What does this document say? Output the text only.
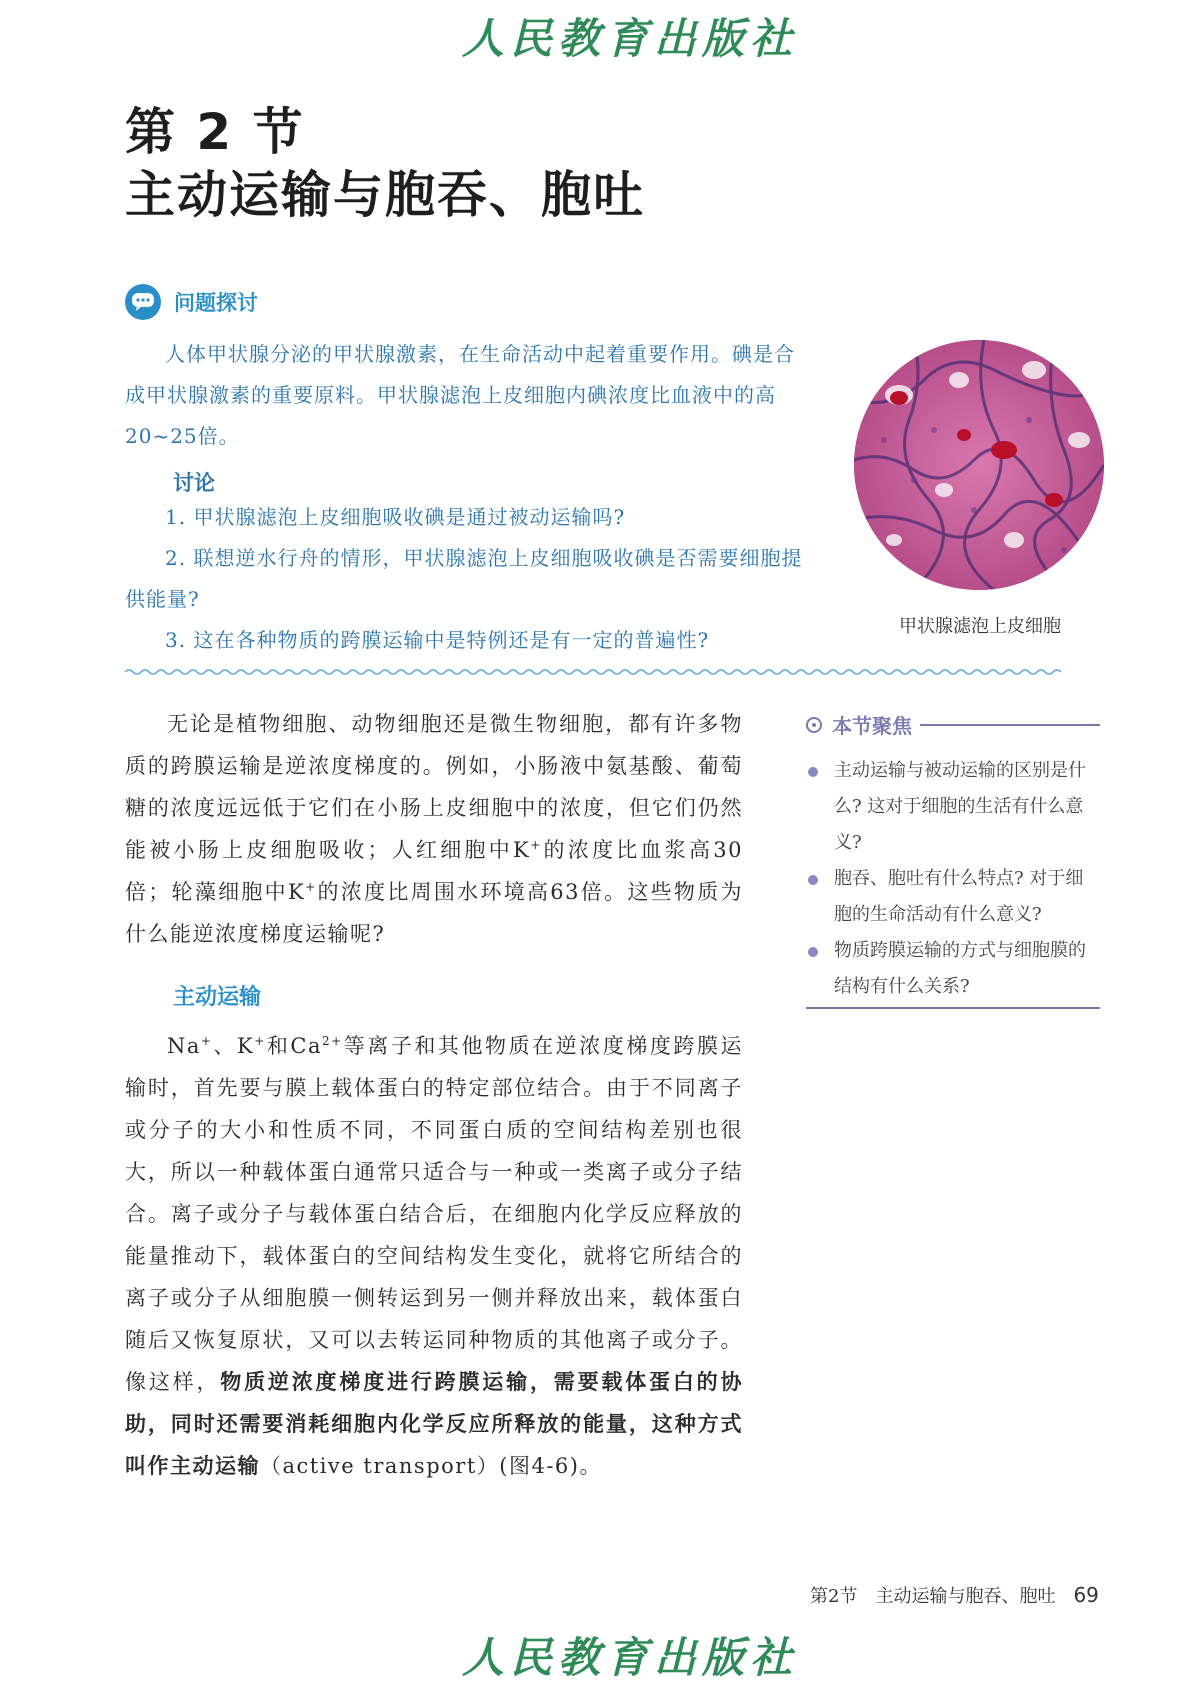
人民教育出版社
第 2 节
主动运输与胞吞、胞吐
问题探讨
人体甲状腺分泌的甲状腺激素，在生命活动中起着重要作用。碘是合成甲状腺激素的重要原料。甲状腺滤泡上皮细胞内碘浓度比血液中的高20~25倍。
讨论
1. 甲状腺滤泡上皮细胞吸收碘是通过被动运输吗?
2. 联想逆水行舟的情形，甲状腺滤泡上皮细胞吸收碘是否需要细胞提供能量?
3. 这在各种物质的跨膜运输中是特例还是有一定的普遍性?
甲状腺滤泡上皮细胞
无论是植物细胞、动物细胞还是微生物细胞，都有许多物质的跨膜运输是逆浓度梯度的。例如，小肠液中氨基酸、葡萄糖的浓度远远低于它们在小肠上皮细胞中的浓度，但它们仍然能被小肠上皮细胞吸收；人红细胞中K+的浓度比血浆高30倍；轮藻细胞中K+的浓度比周围水环境高63倍。这些物质为什么能逆浓度梯度运输呢?
主动运输
Na+、K+和$Ca^{2+}$等离子和其他物质在逆浓度梯度跨膜运输时，首先要与膜上载体蛋白的特定部位结合。由于不同离子或分子的大小和性质不同，不同蛋白质的空间结构差别也很大，所以一种载体蛋白通常只适合与一种或一类离子或分子结合。离子或分子与载体蛋白结合后，在细胞内化学反应释放的能量推动下，载体蛋白的空间结构发生变化，就将它所结合的离子或分子从细胞膜一侧转运到另一侧并释放出来，载体蛋白随后又恢复原状，又可以去转运同种物质的其他离子或分子。像这样，物质逆浓度梯度进行跨膜运输，需要载体蛋白的协助，同时还需要消耗细胞内化学反应所释放的能量，这种方式叫作主动运输（active transport）(图4-6)。
本节聚焦
主动运输与被动运输的区别是什么? 这对于细胞的生活有什么意义?
胞吞、胞吐有什么特点? 对于细胞的生命活动有什么意义?
物质跨膜运输的方式与细胞膜的结构有什么关系?
第2节　主动运输与胞吞、胞吐 69
人民教育出版社
